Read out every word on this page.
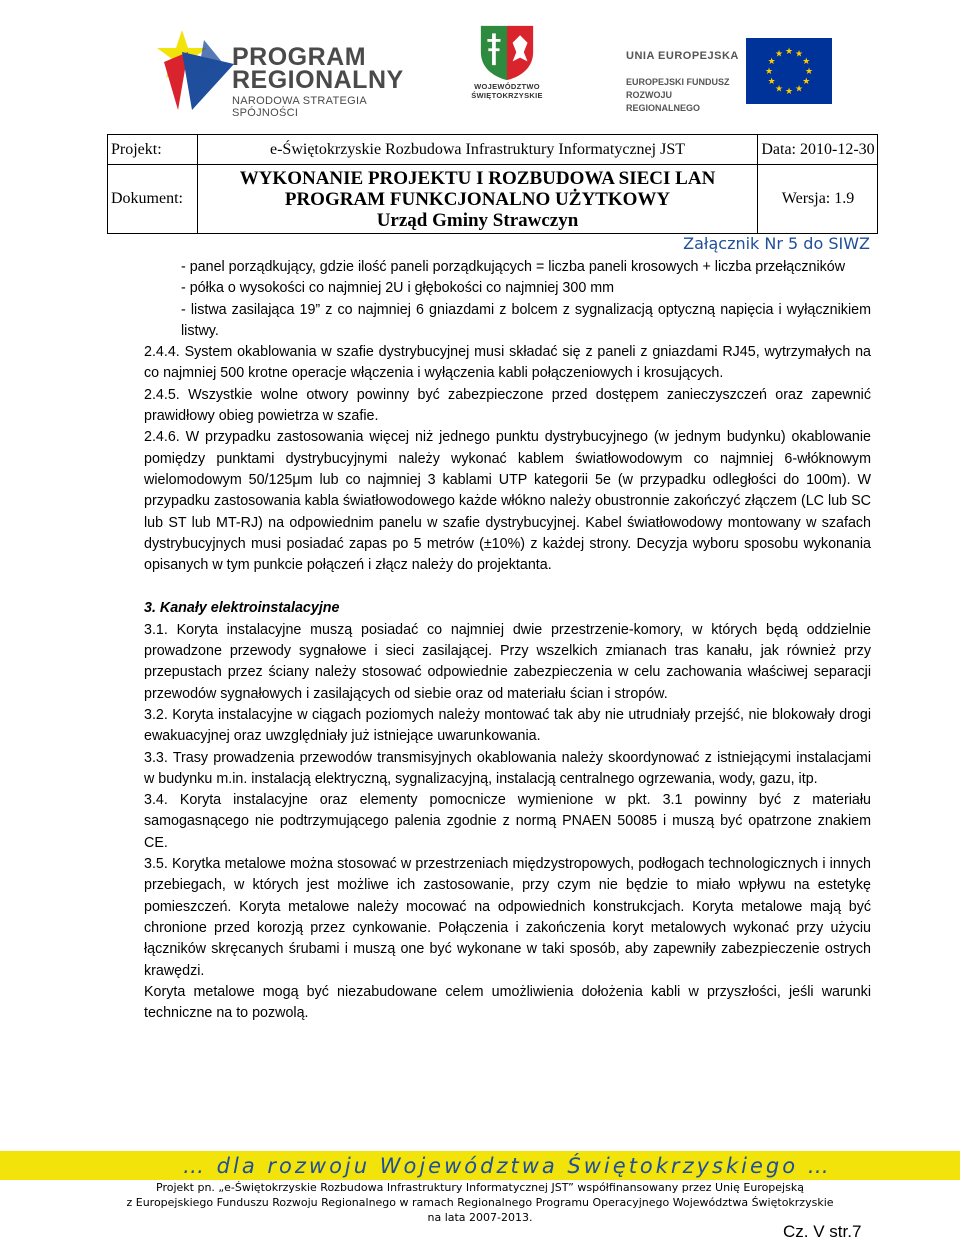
PROGRAM
REGIONALNY
NARODOWA STRATEGIA SPÓJNOŚCI
WOJEWÓDZTWO
ŚWIĘTOKRZYSKIE
UNIA EUROPEJSKA
EUROPEJSKI FUNDUSZ
ROZWOJU REGIONALNEGO
★ ★
★
★
★
★
★
★
★
★
★
★
Projekt:	e-Świętokrzyskie Rozbudowa Infrastruktury Informatycznej JST	Data: 2010-12-30
Dokument:
WYKONANIE PROJEKTU I ROZBUDOWA SIECI LAN
PROGRAM FUNKCJONALNO UŻYTKOWY
Urząd Gminy Strawczyn
Wersja: 1.9
Załącznik Nr 5 do SIWZ

- panel porządkujący, gdzie ilość paneli porządkujących = liczba paneli krosowych + liczba przełączników

- półka o wysokości co najmniej 2U i głębokości co najmniej 300 mm

- listwa zasilająca 19” z co najmniej 6 gniazdami z bolcem z sygnalizacją optyczną napięcia i wyłącznikiem listwy.

2.4.4. System okablowania w szafie dystrybucyjnej musi składać się z paneli z gniazdami RJ45, wytrzymałych na co najmniej 500 krotne operacje włączenia i wyłączenia kabli połączeniowych i krosujących.

2.4.5. Wszystkie wolne otwory powinny być zabezpieczone przed dostępem zanieczyszczeń oraz zapewnić prawidłowy obieg powietrza w szafie.

2.4.6. W przypadku zastosowania więcej niż jednego punktu dystrybucyjnego (w jednym budynku) okablowanie pomiędzy punktami dystrybucyjnymi należy wykonać kablem światłowodowym co najmniej 6-włóknowym wielomodowym 50/125μm lub co najmniej 3 kablami UTP kategorii 5e (w przypadku odległości do 100m). W przypadku zastosowania kabla światłowodowego każde włókno należy obustronnie zakończyć złączem (LC lub SC lub ST lub MT-RJ) na odpowiednim panelu w szafie dystrybucyjnej. Kabel światłowodowy montowany w szafach dystrybucyjnych musi posiadać zapas po 5 metrów (±10%) z każdej strony. Decyzja wyboru sposobu wykonania opisanych w tym punkcie połączeń i złącz należy do projektanta.

3. Kanały elektroinstalacyjne

3.1. Koryta instalacyjne muszą posiadać co najmniej dwie przestrzenie-komory, w których będą oddzielnie prowadzone przewody sygnałowe i sieci zasilającej. Przy wszelkich zmianach tras kanału, jak również przy przepustach przez ściany należy stosować odpowiednie zabezpieczenia w celu zachowania właściwej separacji przewodów sygnałowych i zasilających od siebie oraz od materiału ścian i stropów.

3.2. Koryta instalacyjne w ciągach poziomych należy montować tak aby nie utrudniały przejść, nie blokowały drogi ewakuacyjnej oraz uwzględniały już istniejące uwarunkowania.

3.3. Trasy prowadzenia przewodów transmisyjnych okablowania należy skoordynować z istniejącymi instalacjami w budynku m.in. instalacją elektryczną, sygnalizacyjną, instalacją centralnego ogrzewania, wody, gazu, itp.

3.4. Koryta instalacyjne oraz elementy pomocnicze wymienione w pkt. 3.1 powinny być z materiału samogasnącego nie podtrzymującego palenia zgodnie z normą PNAEN 50085 i muszą być opatrzone znakiem CE.

3.5. Korytka metalowe można stosować w przestrzeniach międzystropowych, podłogach technologicznych i innych przebiegach, w których jest możliwe ich zastosowanie, przy czym nie będzie to miało wpływu na estetykę pomieszczeń. Koryta metalowe należy mocować na odpowiednich konstrukcjach. Koryta metalowe mają być chronione przed korozją przez cynkowanie. Połączenia i zakończenia koryt metalowych wykonać przy użyciu łączników skręcanych śrubami i muszą one być wykonane w taki sposób, aby zapewniły zabezpieczenie ostrych krawędzi.

Koryta metalowe mogą być niezabudowane celem umożliwienia dołożenia kabli w przyszłości, jeśli warunki techniczne na to pozwolą.

… dla rozwoju Województwa Świętokrzyskiego …
Projekt pn. „e-Świętokrzyskie Rozbudowa Infrastruktury Informatycznej JST” współfinansowany przez Unię Europejską
z Europejskiego Funduszu Rozwoju Regionalnego w ramach Regionalnego Programu Operacyjnego Województwa Świętokrzyskie
na lata 2007-2013.
Cz. V str.7
